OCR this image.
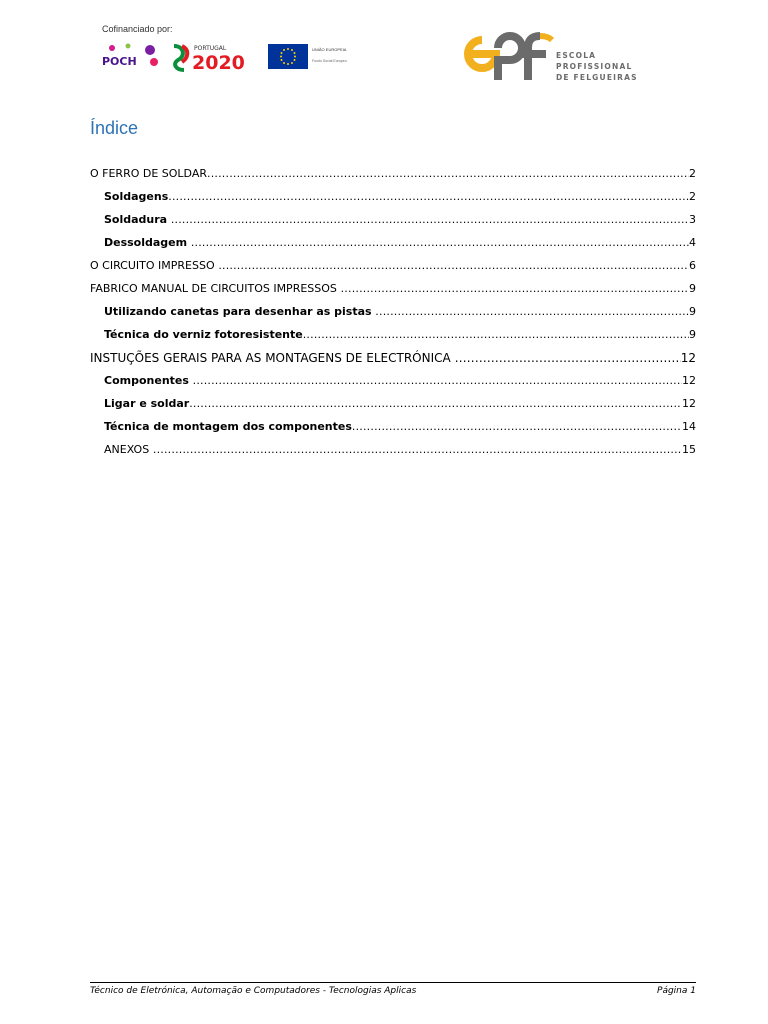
Cofinanciado por:
POCH
PORTUGAL
2020
UNIÃO EUROPEIA
Fundo Social Europeu
ESCOLA
PROFISSIONAL
DE FELGUEIRAS
Índice
O FERRO DE SOLDAR .....	2
Soldagens .....	2
Soldadura .....	3
Dessoldagem .....	4
O CIRCUITO IMPRESSO .....	6
FABRICO MANUAL DE CIRCUITOS IMPRESSOS .....	9
Utilizando canetas para desenhar as pistas .....	9
Técnica do verniz fotoresistente .....	9
INSTUÇÕES GERAIS PARA AS MONTAGENS DE ELECTRÓNICA .....	12
Componentes .....	12
Ligar e soldar .....	12
Técnica de montagem dos componentes .....	14
ANEXOS .....	15
Técnico de Eletrónica, Automação e Computadores - Tecnologias Aplicas	Página 1
